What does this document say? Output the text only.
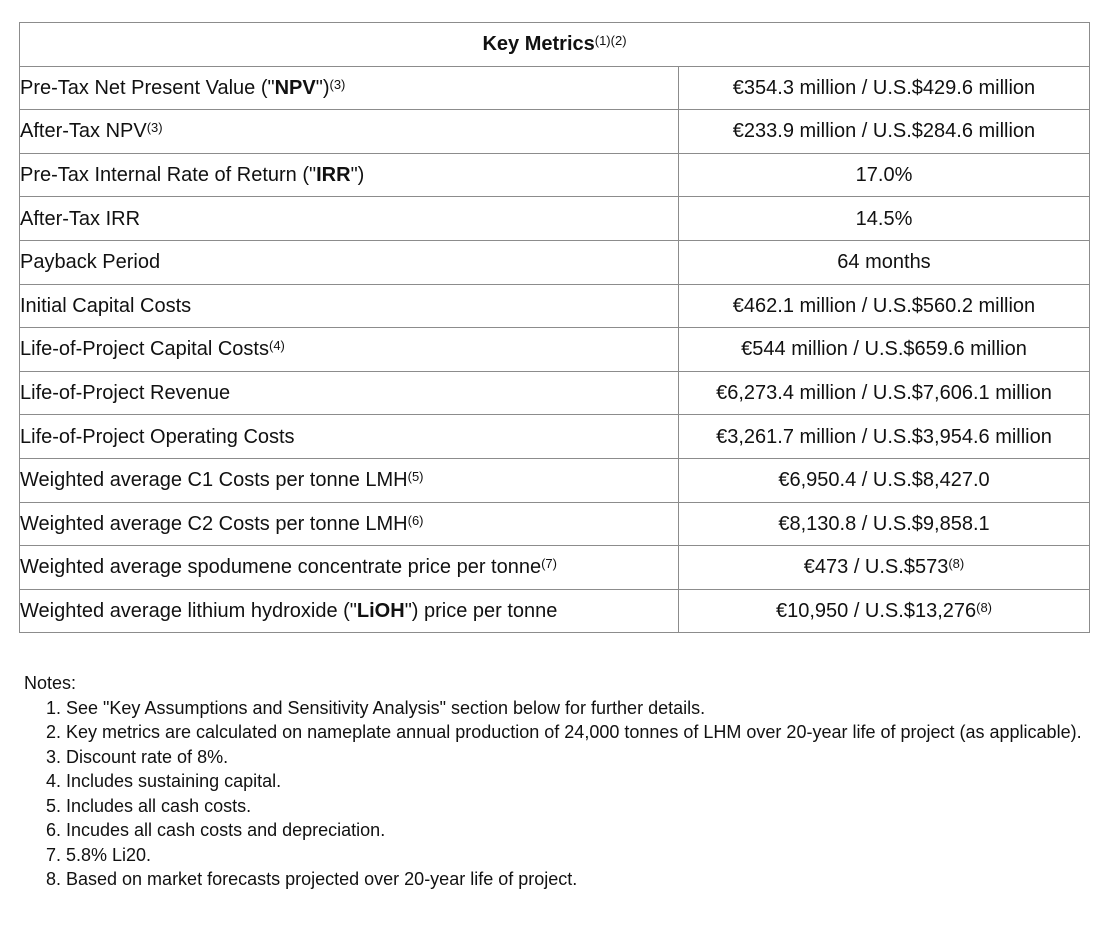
Key Metrics$^{(1)(2)}$
Pre-Tax Net Present Value ("NPV")$^{(3)}$	€354.3 million / U.S.$429.6 million
After-Tax NPV$^{(3)}$	€233.9 million / U.S.$284.6 million
Pre-Tax Internal Rate of Return ("IRR")	17.0%
After-Tax IRR	14.5%
Payback Period	64 months
Initial Capital Costs	€462.1 million / U.S.$560.2 million
Life-of-Project Capital Costs$^{(4)}$	€544 million / U.S.$659.6 million
Life-of-Project Revenue	€6,273.4 million / U.S.$7,606.1 million
Life-of-Project Operating Costs	€3,261.7 million / U.S.$3,954.6 million
Weighted average C1 Costs per tonne LMH$^{(5)}$	€6,950.4 / U.S.$8,427.0
Weighted average C2 Costs per tonne LMH$^{(6)}$	€8,130.8 / U.S.$9,858.1
Weighted average spodumene concentrate price per tonne$^{(7)}$	€473 / U.S.$573$^{(8)}$
Weighted average lithium hydroxide ("LiOH") price per tonne	€10,950 / U.S.$13,276$^{(8)}$

Notes:

1. See "Key Assumptions and Sensitivity Analysis" section below for further details.
2. Key metrics are calculated on nameplate annual production of 24,000 tonnes of LHM over 20-year life of project (as applicable).
3. Discount rate of 8%.
4. Includes sustaining capital.
5. Includes all cash costs.
6. Incudes all cash costs and depreciation.
7. 5.8% Li20.
8. Based on market forecasts projected over 20-year life of project.
